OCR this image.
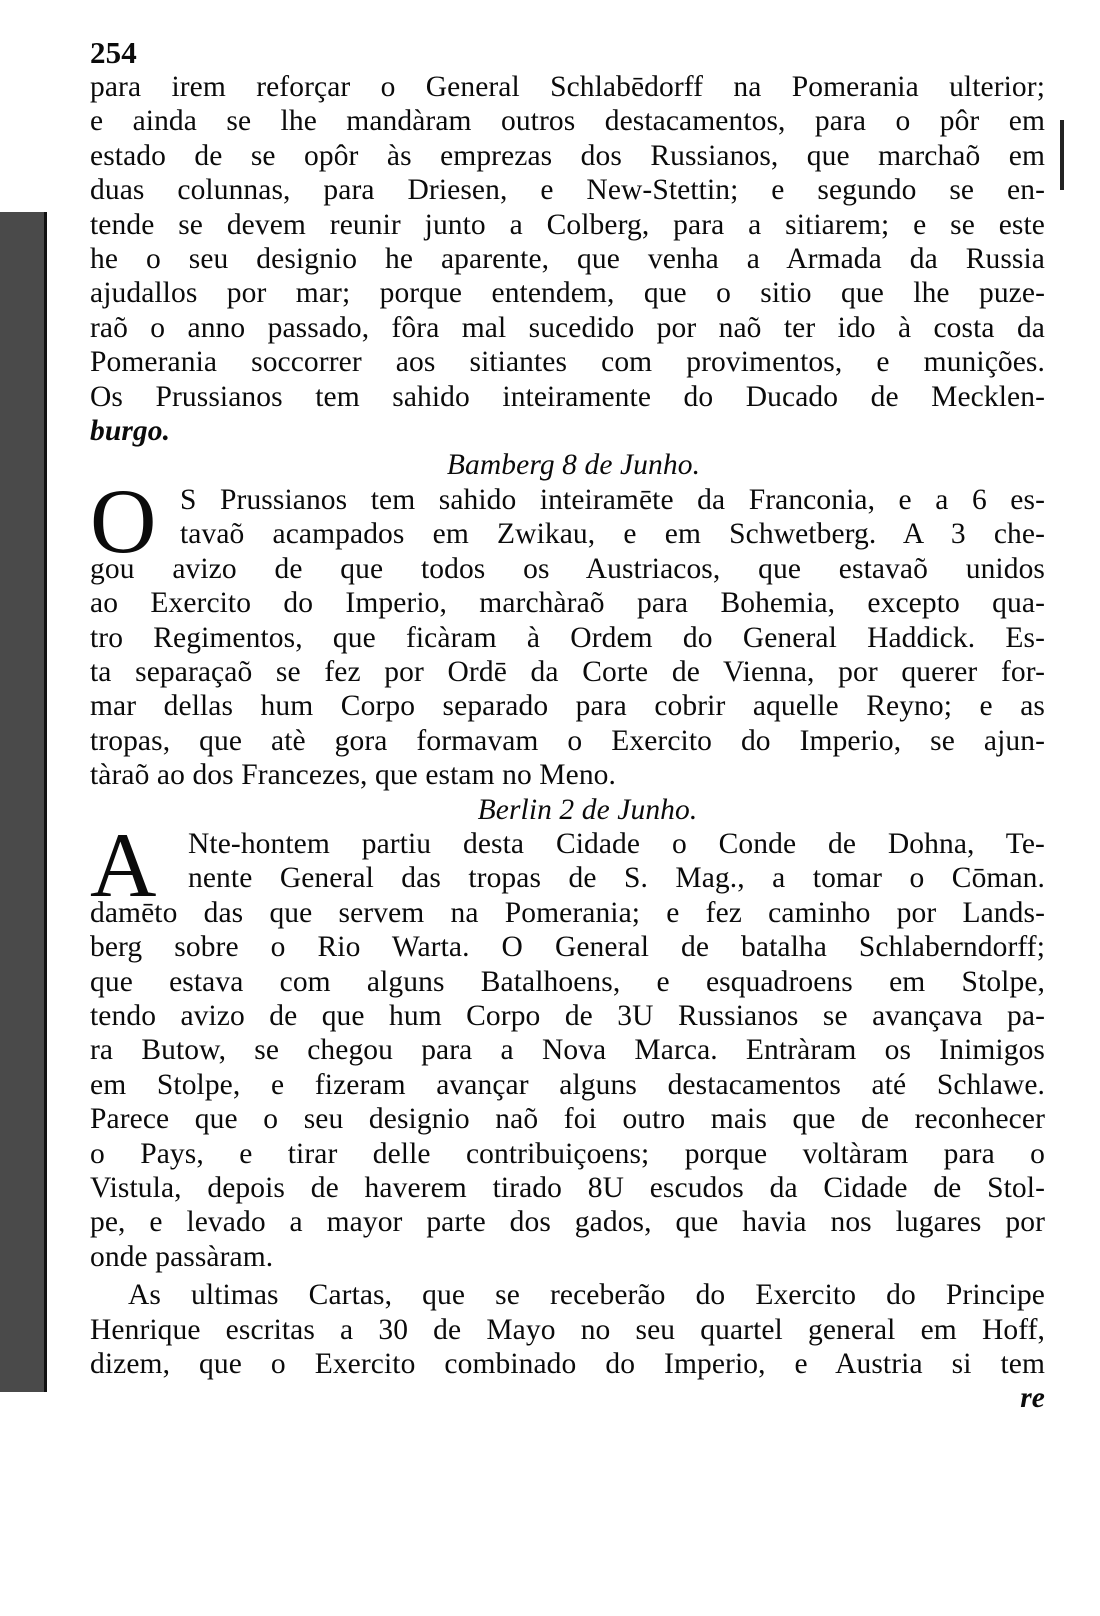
254
para irem reforçar o General Schlabēdorff na Pomerania ulterior;
e ainda se lhe mandàram outros destacamentos, para o pôr em
estado de se opôr às emprezas dos Russianos, que marchaõ em
duas colunnas, para Driesen, e New-Stettin; e segundo se en-
tende se devem reunir junto a Colberg, para a sitiarem; e se este
he o seu designio he aparente, que venha a Armada da Russia
ajudallos por mar; porque entendem, que o sitio que lhe puze-
raõ o anno passado, fôra mal sucedido por naõ ter ido à costa da
Pomerania soccorrer aos sitiantes com provimentos, e munições.
Os Prussianos tem sahido inteiramente do Ducado de Mecklen-
burgo.
Bamberg 8 de Junho.
O S Prussianos tem sahido inteiramēte da Franconia, e a 6 es-
tavaõ acampados em Zwikau, e em Schwetberg. A 3 che-
gou avizo de que todos os Austriacos, que estavaõ unidos
ao Exercito do Imperio, marchàraõ para Bohemia, excepto qua-
tro Regimentos, que ficàram à Ordem do General Haddick. Es-
ta separaçaõ se fez por Ordē da Corte de Vienna, por querer for-
mar dellas hum Corpo separado para cobrir aquelle Reyno; e as
tropas, que atè gora formavam o Exercito do Imperio, se ajun-
tàraõ ao dos Francezes, que estam no Meno.
Berlin 2 de Junho.
A	Nte-hontem partiu desta Cidade o Conde de Dohna, Te-
nente General das tropas de S. Mag., a tomar o Cōman.
damēto das que servem na Pomerania; e fez caminho por Lands-
berg sobre o Rio Warta. O General de batalha Schlaberndorff;
que estava com alguns Batalhoens, e esquadroens em Stolpe,
tendo avizo de que hum Corpo de 3U Russianos se avançava pa-
ra Butow, se chegou para a Nova Marca. Entràram os Inimigos
em Stolpe, e fizeram avançar alguns destacamentos até Schlawe.
Parece que o seu designio naõ foi outro mais que de reconhecer
o Pays, e tirar delle contribuiçoens; porque voltàram para o
Vistula, depois de haverem tirado 8U escudos da Cidade de Stol-
pe, e levado a mayor parte dos gados, que havia nos lugares por
onde passàram.
As ultimas Cartas, que se receberão do Exercito do Principe
Henrique escritas a 30 de Mayo no seu quartel general em Hoff,
dizem, que o Exercito combinado do Imperio, e Austria si tem
re
